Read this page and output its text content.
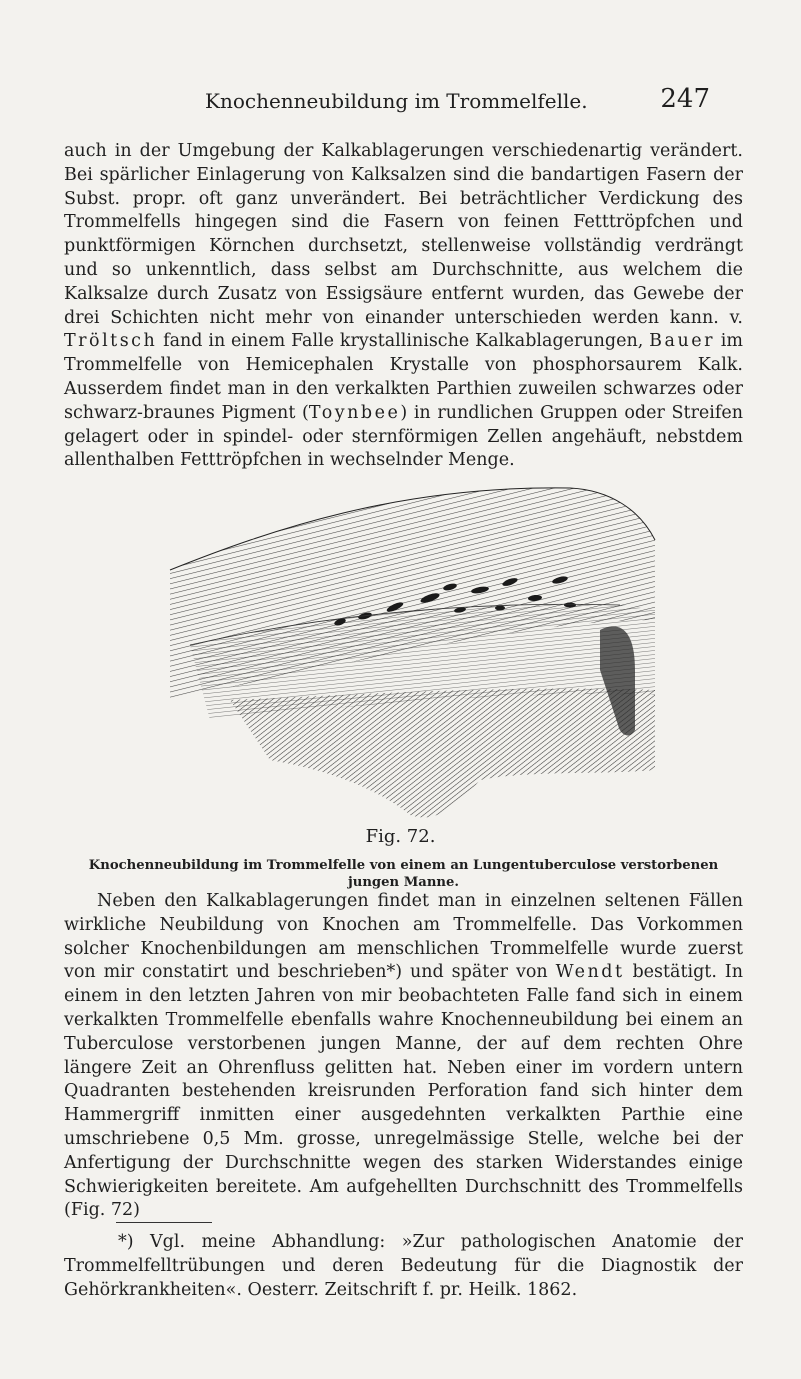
Knochenneubildung im Trommelfelle.	247

auch in der Umgebung der Kalkablagerungen verschiedenartig verändert. Bei spärlicher Einlagerung von Kalksalzen sind die bandartigen Fasern der Subst. propr. oft ganz unverändert. Bei beträchtlicher Verdickung des Trommelfells hingegen sind die Fasern von feinen Fetttröpfchen und punktförmigen Körnchen durchsetzt, stellenweise vollständig verdrängt und so unkenntlich, dass selbst am Durchschnitte, aus welchem die Kalksalze durch Zusatz von Essigsäure entfernt wurden, das Gewebe der drei Schichten nicht mehr von einander unterschieden werden kann. v. Tröltsch fand in einem Falle krystallinische Kalkablagerungen, Bauer im Trommelfelle von Hemicephalen Krystalle von phosphorsaurem Kalk. Ausserdem findet man in den verkalkten Parthien zuweilen schwarzes oder schwarz-braunes Pigment (Toynbee) in rundlichen Gruppen oder Streifen gelagert oder in spindel- oder sternförmigen Zellen angehäuft, nebstdem allenthalben Fetttröpfchen in wechselnder Menge.

Fig. 72.
Knochenneubildung im Trommelfelle von einem an Lungentuberculose verstorbenen jungen Manne.

Neben den Kalkablagerungen findet man in einzelnen seltenen Fällen wirkliche Neubildung von Knochen am Trommelfelle. Das Vorkommen solcher Knochenbildungen am menschlichen Trommelfelle wurde zuerst von mir constatirt und beschrieben*) und später von Wendt bestätigt. In einem in den letzten Jahren von mir beobachteten Falle fand sich in einem verkalkten Trommelfelle ebenfalls wahre Knochenneubildung bei einem an Tuberculose verstorbenen jungen Manne, der auf dem rechten Ohre längere Zeit an Ohrenfluss gelitten hat. Neben einer im vordern untern Quadranten bestehenden kreisrunden Perforation fand sich hinter dem Hammergriff inmitten einer ausgedehnten verkalkten Parthie eine umschriebene 0,5 Mm. grosse, unregelmässige Stelle, welche bei der Anfertigung der Durchschnitte wegen des starken Widerstandes einige Schwierigkeiten bereitete. Am aufgehellten Durchschnitt des Trommelfells (Fig. 72)

*) Vgl. meine Abhandlung: »Zur pathologischen Anatomie der Trommelfelltrübungen und deren Bedeutung für die Diagnostik der Gehörkrankheiten«. Oesterr. Zeitschrift f. pr. Heilk. 1862.
